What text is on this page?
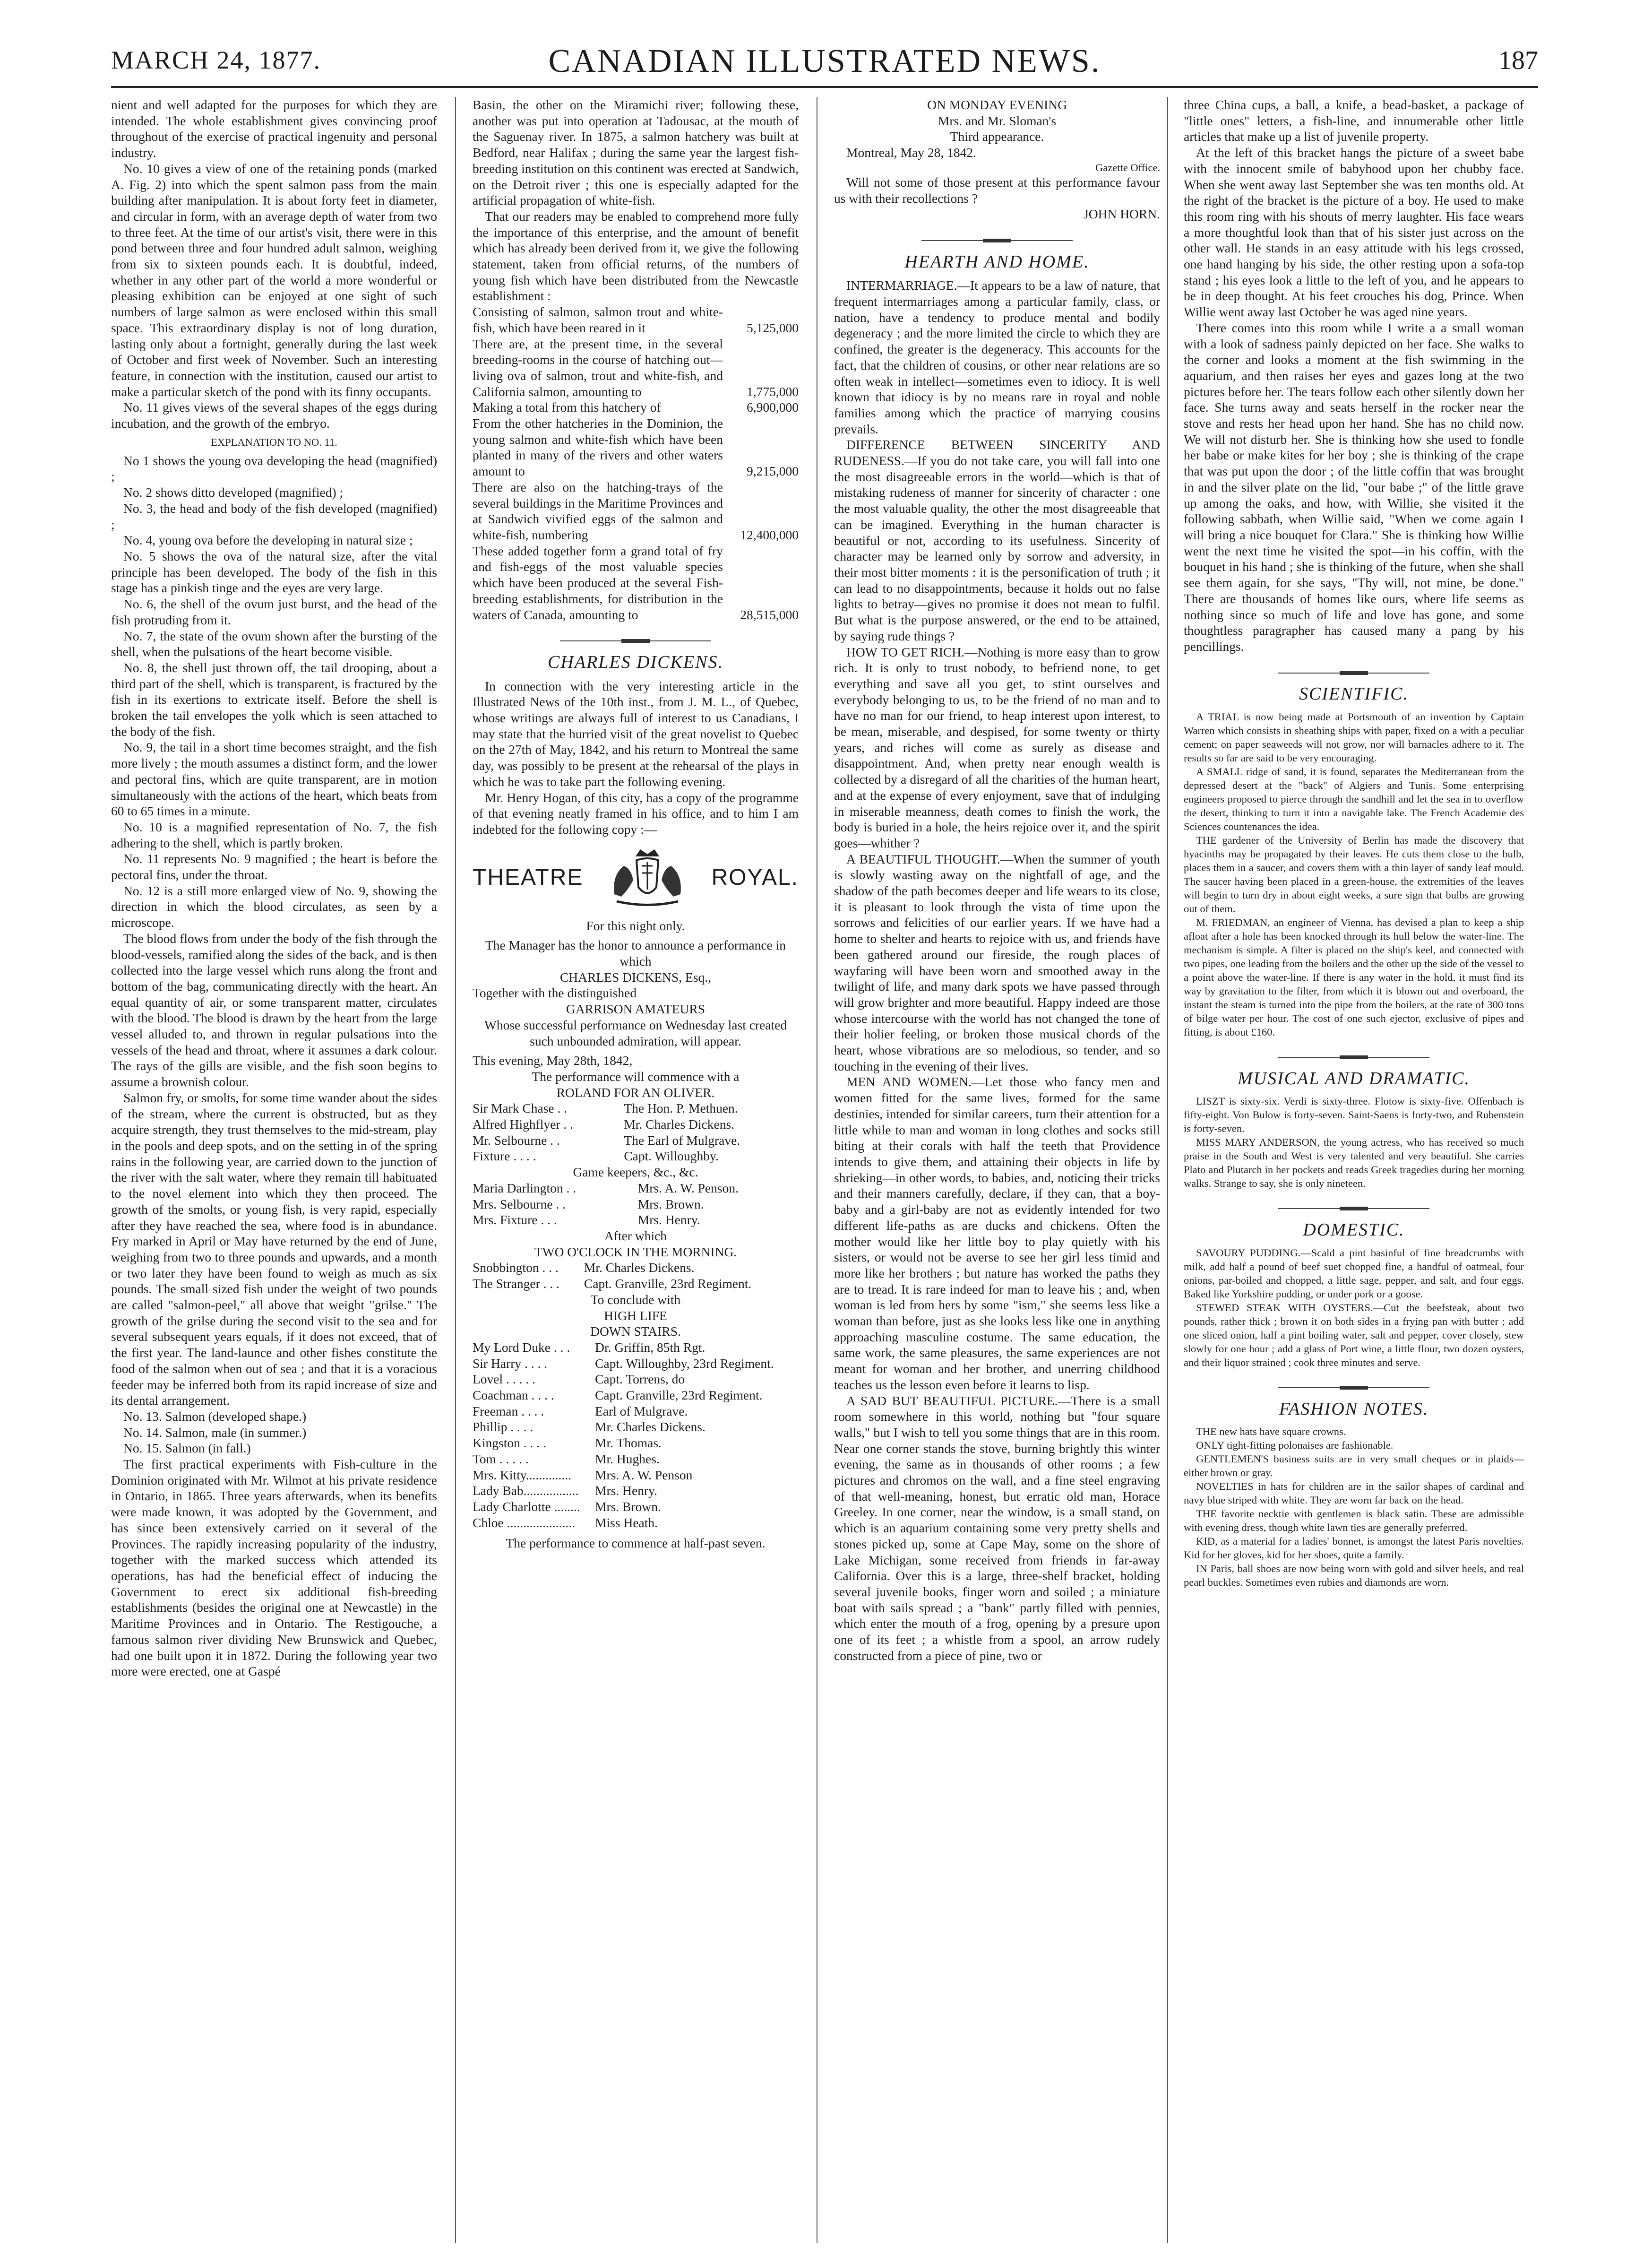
MARCH 24, 1877.	CANADIAN ILLUSTRATED NEWS.	187

nient and well adapted for the purposes for which they are intended. The whole establishment gives convincing proof throughout of the exercise of practical ingenuity and personal industry.

No. 10 gives a view of one of the retaining ponds (marked A. Fig. 2) into which the spent salmon pass from the main building after manipulation. It is about forty feet in diameter, and circular in form, with an average depth of water from two to three feet. At the time of our artist's visit, there were in this pond between three and four hundred adult salmon, weighing from six to sixteen pounds each. It is doubtful, indeed, whether in any other part of the world a more wonderful or pleasing exhibition can be enjoyed at one sight of such numbers of large salmon as were enclosed within this small space. This extraordinary display is not of long duration, lasting only about a fortnight, generally during the last week of October and first week of November. Such an interesting feature, in connection with the institution, caused our artist to make a particular sketch of the pond with its finny occupants.

No. 11 gives views of the several shapes of the eggs during incubation, and the growth of the embryo.

EXPLANATION TO NO. 11.

No 1 shows the young ova developing the head (magnified) ;

No. 2 shows ditto developed (magnified) ;

No. 3, the head and body of the fish developed (magnified) ;

No. 4, young ova before the developing in natural size ;

No. 5 shows the ova of the natural size, after the vital principle has been developed. The body of the fish in this stage has a pinkish tinge and the eyes are very large.

No. 6, the shell of the ovum just burst, and the head of the fish protruding from it.

No. 7, the state of the ovum shown after the bursting of the shell, when the pulsations of the heart become visible.

No. 8, the shell just thrown off, the tail drooping, about a third part of the shell, which is transparent, is fractured by the fish in its exertions to extricate itself. Before the shell is broken the tail envelopes the yolk which is seen attached to the body of the fish.

No. 9, the tail in a short time becomes straight, and the fish more lively ; the mouth assumes a distinct form, and the lower and pectoral fins, which are quite transparent, are in motion simultaneously with the actions of the heart, which beats from 60 to 65 times in a minute.

No. 10 is a magnified representation of No. 7, the fish adhering to the shell, which is partly broken.

No. 11 represents No. 9 magnified ; the heart is before the pectoral fins, under the throat.

No. 12 is a still more enlarged view of No. 9, showing the direction in which the blood circulates, as seen by a microscope.

The blood flows from under the body of the fish through the blood-vessels, ramified along the sides of the back, and is then collected into the large vessel which runs along the front and bottom of the bag, communicating directly with the heart. An equal quantity of air, or some transparent matter, circulates with the blood. The blood is drawn by the heart from the large vessel alluded to, and thrown in regular pulsations into the vessels of the head and throat, where it assumes a dark colour. The rays of the gills are visible, and the fish soon begins to assume a brownish colour.

Salmon fry, or smolts, for some time wander about the sides of the stream, where the current is obstructed, but as they acquire strength, they trust themselves to the mid-stream, play in the pools and deep spots, and on the setting in of the spring rains in the following year, are carried down to the junction of the river with the salt water, where they remain till habituated to the novel element into which they then proceed. The growth of the smolts, or young fish, is very rapid, especially after they have reached the sea, where food is in abundance. Fry marked in April or May have returned by the end of June, weighing from two to three pounds and upwards, and a month or two later they have been found to weigh as much as six pounds. The small sized fish under the weight of two pounds are called "salmon-peel," all above that weight "grilse." The growth of the grilse during the second visit to the sea and for several subsequent years equals, if it does not exceed, that of the first year. The land-launce and other fishes constitute the food of the salmon when out of sea ; and that it is a voracious feeder may be inferred both from its rapid increase of size and its dental arrangement.

No. 13. Salmon (developed shape.)

No. 14. Salmon, male (in summer.)

No. 15. Salmon (in fall.)

The first practical experiments with Fish-culture in the Dominion originated with Mr. Wilmot at his private residence in Ontario, in 1865. Three years afterwards, when its benefits were made known, it was adopted by the Government, and has since been extensively carried on it several of the Provinces. The rapidly increasing popularity of the industry, together with the marked success which attended its operations, has had the beneficial effect of inducing the Government to erect six additional fish-breeding establishments (besides the original one at Newcastle) in the Maritime Provinces and in Ontario. The Restigouche, a famous salmon river dividing New Brunswick and Quebec, had one built upon it in 1872. During the following year two more were erected, one at Gaspé

Basin, the other on the Miramichi river; following these, another was put into operation at Tadousac, at the mouth of the Saguenay river. In 1875, a salmon hatchery was built at Bedford, near Halifax ; during the same year the largest fish-breeding institution on this continent was erected at Sandwich, on the Detroit river ; this one is especially adapted for the artificial propagation of white-fish.

That our readers may be enabled to comprehend more fully the importance of this enterprise, and the amount of benefit which has already been derived from it, we give the following statement, taken from official returns, of the numbers of young fish which have been distributed from the Newcastle establishment :

Consisting of salmon, salmon trout and white-fish, which have been reared in it	5,125,000
There are, at the present time, in the several breeding-rooms in the course of hatching out— living ova of salmon, trout and white-fish, and California salmon, amounting to	1,775,000
Making a total from this hatchery of	6,900,000
From the other hatcheries in the Dominion, the young salmon and white-fish which have been planted in many of the rivers and other waters amount to	9,215,000
There are also on the hatching-trays of the several buildings in the Maritime Provinces and at Sandwich vivified eggs of the salmon and white-fish, numbering	12,400,000
These added together form a grand total of fry and fish-eggs of the most valuable species which have been produced at the several Fish-breeding establishments, for distribution in the waters of Canada, amounting to	28,515,000
CHARLES DICKENS.

In connection with the very interesting article in the Illustrated News of the 10th inst., from J. M. L., of Quebec, whose writings are always full of interest to us Canadians, I may state that the hurried visit of the great novelist to Quebec on the 27th of May, 1842, and his return to Montreal the same day, was possibly to be present at the rehearsal of the plays in which he was to take part the following evening.

Mr. Henry Hogan, of this city, has a copy of the programme of that evening neatly framed in his office, and to him I am indebted for the following copy :—

THEATRE	ROYAL.

For this night only.

The Manager has the honor to announce a performance in which

CHARLES DICKENS, Esq.,

Together with the distinguished

GARRISON AMATEURS

Whose successful performance on Wednesday last created such unbounded admiration, will appear.

This evening, May 28th, 1842,

The performance will commence with a

ROLAND FOR AN OLIVER.

Sir Mark Chase . .	The Hon. P. Methuen.
Alfred Highflyer . .	Mr. Charles Dickens.
Mr. Selbourne . .	The Earl of Mulgrave.
Fixture . . . .	Capt. Willoughby.

Game keepers, &c., &c.

Maria Darlington . .	Mrs. A. W. Penson.
Mrs. Selbourne . .	Mrs. Brown.
Mrs. Fixture . . .	Mrs. Henry.

After which

TWO O'CLOCK IN THE MORNING.

Snobbington . . .	Mr. Charles Dickens.
The Stranger . . .	Capt. Granville, 23rd Regiment.

To conclude with

HIGH LIFE

DOWN STAIRS.

My Lord Duke . . .	Dr. Griffin, 85th Rgt.
Sir Harry . . . .	Capt. Willoughby, 23rd Regiment.
Lovel . . . . .	Capt. Torrens, do
Coachman . . . .	Capt. Granville, 23rd Regiment.
Freeman . . . .	Earl of Mulgrave.
Phillip . . . .	Mr. Charles Dickens.
Kingston . . . .	Mr. Thomas.
Tom . . . . .	Mr. Hughes.
Mrs. Kitty..............	Mrs. A. W. Penson
Lady Bab.................	Mrs. Henry.
Lady Charlotte ........	Mrs. Brown.
Chloe .....................	Miss Heath.

The performance to commence at half-past seven.

ON MONDAY EVENING

Mrs. and Mr. Sloman's

Third appearance.

Montreal, May 28, 1842.

Gazette Office.

Will not some of those present at this performance favour us with their recollections ?

JOHN HORN.

HEARTH AND HOME.

INTERMARRIAGE.—It appears to be a law of nature, that frequent intermarriages among a particular family, class, or nation, have a tendency to produce mental and bodily degeneracy ; and the more limited the circle to which they are confined, the greater is the degeneracy. This accounts for the fact, that the children of cousins, or other near relations are so often weak in intellect—sometimes even to idiocy. It is well known that idiocy is by no means rare in royal and noble families among which the practice of marrying cousins prevails.

DIFFERENCE BETWEEN SINCERITY AND RUDENESS.—If you do not take care, you will fall into one the most disagreeable errors in the world—which is that of mistaking rudeness of manner for sincerity of character : one the most valuable quality, the other the most disagreeable that can be imagined. Everything in the human character is beautiful or not, according to its usefulness. Sincerity of character may be learned only by sorrow and adversity, in their most bitter moments : it is the personification of truth ; it can lead to no disappointments, because it holds out no false lights to betray—gives no promise it does not mean to fulfil. But what is the purpose answered, or the end to be attained, by saying rude things ?

HOW TO GET RICH.—Nothing is more easy than to grow rich. It is only to trust nobody, to befriend none, to get everything and save all you get, to stint ourselves and everybody belonging to us, to be the friend of no man and to have no man for our friend, to heap interest upon interest, to be mean, miserable, and despised, for some twenty or thirty years, and riches will come as surely as disease and disappointment. And, when pretty near enough wealth is collected by a disregard of all the charities of the human heart, and at the expense of every enjoyment, save that of indulging in miserable meanness, death comes to finish the work, the body is buried in a hole, the heirs rejoice over it, and the spirit goes—whither ?

A BEAUTIFUL THOUGHT.—When the summer of youth is slowly wasting away on the nightfall of age, and the shadow of the path becomes deeper and life wears to its close, it is pleasant to look through the vista of time upon the sorrows and felicities of our earlier years. If we have had a home to shelter and hearts to rejoice with us, and friends have been gathered around our fireside, the rough places of wayfaring will have been worn and smoothed away in the twilight of life, and many dark spots we have passed through will grow brighter and more beautiful. Happy indeed are those whose intercourse with the world has not changed the tone of their holier feeling, or broken those musical chords of the heart, whose vibrations are so melodious, so tender, and so touching in the evening of their lives.

MEN AND WOMEN.—Let those who fancy men and women fitted for the same lives, formed for the same destinies, intended for similar careers, turn their attention for a little while to man and woman in long clothes and socks still biting at their corals with half the teeth that Providence intends to give them, and attaining their objects in life by shrieking—in other words, to babies, and, noticing their tricks and their manners carefully, declare, if they can, that a boy-baby and a girl-baby are not as evidently intended for two different life-paths as are ducks and chickens. Often the mother would like her little boy to play quietly with his sisters, or would not be averse to see her girl less timid and more like her brothers ; but nature has worked the paths they are to tread. It is rare indeed for man to leave his ; and, when woman is led from hers by some "ism," she seems less like a woman than before, just as she looks less like one in anything approaching masculine costume. The same education, the same work, the same pleasures, the same experiences are not meant for woman and her brother, and unerring childhood teaches us the lesson even before it learns to lisp.

A SAD BUT BEAUTIFUL PICTURE.—There is a small room somewhere in this world, nothing but "four square walls," but I wish to tell you some things that are in this room. Near one corner stands the stove, burning brightly this winter evening, the same as in thousands of other rooms ; a few pictures and chromos on the wall, and a fine steel engraving of that well-meaning, honest, but erratic old man, Horace Greeley. In one corner, near the window, is a small stand, on which is an aquarium containing some very pretty shells and stones picked up, some at Cape May, some on the shore of Lake Michigan, some received from friends in far-away California. Over this is a large, three-shelf bracket, holding several juvenile books, finger worn and soiled ; a miniature boat with sails spread ; a "bank" partly filled with pennies, which enter the mouth of a frog, opening by a presure upon one of its feet ; a whistle from a spool, an arrow rudely constructed from a piece of pine, two or

three China cups, a ball, a knife, a bead-basket, a package of "little ones" letters, a fish-line, and innumerable other little articles that make up a list of juvenile property.

At the left of this bracket hangs the picture of a sweet babe with the innocent smile of babyhood upon her chubby face. When she went away last September she was ten months old. At the right of the bracket is the picture of a boy. He used to make this room ring with his shouts of merry laughter. His face wears a more thoughtful look than that of his sister just across on the other wall. He stands in an easy attitude with his legs crossed, one hand hanging by his side, the other resting upon a sofa-top stand ; his eyes look a little to the left of you, and he appears to be in deep thought. At his feet crouches his dog, Prince. When Willie went away last October he was aged nine years.

There comes into this room while I write a a small woman with a look of sadness painly depicted on her face. She walks to the corner and looks a moment at the fish swimming in the aquarium, and then raises her eyes and gazes long at the two pictures before her. The tears follow each other silently down her face. She turns away and seats herself in the rocker near the stove and rests her head upon her hand. She has no child now. We will not disturb her. She is thinking how she used to fondle her babe or make kites for her boy ; she is thinking of the crape that was put upon the door ; of the little coffin that was brought in and the silver plate on the lid, "our babe ;" of the little grave up among the oaks, and how, with Willie, she visited it the following sabbath, when Willie said, "When we come again I will bring a nice bouquet for Clara." She is thinking how Willie went the next time he visited the spot—in his coffin, with the bouquet in his hand ; she is thinking of the future, when she shall see them again, for she says, "Thy will, not mine, be done." There are thousands of homes like ours, where life seems as nothing since so much of life and love has gone, and some thoughtless paragrapher has caused many a pang by his pencillings.

SCIENTIFIC.

A TRIAL is now being made at Portsmouth of an invention by Captain Warren which consists in sheathing ships with paper, fixed on a with a peculiar cement; on paper seaweeds will not grow, nor will barnacles adhere to it. The results so far are said to be very encouraging.

A SMALL ridge of sand, it is found, separates the Mediterranean from the depressed desert at the "back" of Algiers and Tunis. Some enterprising engineers proposed to pierce through the sandhill and let the sea in to overflow the desert, thinking to turn it into a navigable lake. The French Academie des Sciences countenances the idea.

THE gardener of the University of Berlin has made the discovery that hyacinths may be propagated by their leaves. He cuts them close to the bulb, places them in a saucer, and covers them with a thin layer of sandy leaf mould. The saucer having been placed in a green-house, the extremities of the leaves will begin to turn dry in about eight weeks, a sure sign that bulbs are growing out of them.

M. FRIEDMAN, an engineer of Vienna, has devised a plan to keep a ship afloat after a hole has been knocked through its hull below the water-line. The mechanism is simple. A filter is placed on the ship's keel, and connected with two pipes, one leading from the boilers and the other up the side of the vessel to a point above the water-line. If there is any water in the hold, it must find its way by gravitation to the filter, from which it is blown out and overboard, the instant the steam is turned into the pipe from the boilers, at the rate of 300 tons of bilge water per hour. The cost of one such ejector, exclusive of pipes and fitting, is about £160.

MUSICAL AND DRAMATIC.

LISZT is sixty-six. Verdi is sixty-three. Flotow is sixty-five. Offenbach is fifty-eight. Von Bulow is forty-seven. Saint-Saens is forty-two, and Rubenstein is forty-seven.

MISS MARY ANDERSON, the young actress, who has received so much praise in the South and West is very talented and very beautiful. She carries Plato and Plutarch in her pockets and reads Greek tragedies during her morning walks. Strange to say, she is only nineteen.

DOMESTIC.

SAVOURY PUDDING.—Scald a pint basinful of fine breadcrumbs with milk, add half a pound of beef suet chopped fine, a handful of oatmeal, four onions, par-boiled and chopped, a little sage, pepper, and salt, and four eggs. Baked like Yorkshire pudding, or under pork or a goose.

STEWED STEAK WITH OYSTERS.—Cut the beefsteak, about two pounds, rather thick ; brown it on both sides in a frying pan with butter ; add one sliced onion, half a pint boiling water, salt and pepper, cover closely, stew slowly for one hour ; add a glass of Port wine, a little flour, two dozen oysters, and their liquor strained ; cook three minutes and serve.

FASHION NOTES.

THE new hats have square crowns.

ONLY tight-fitting polonaises are fashionable.

GENTLEMEN'S business suits are in very small cheques or in plaids—either brown or gray.

NOVELTIES in hats for children are in the sailor shapes of cardinal and navy blue striped with white. They are worn far back on the head.

THE favorite necktie with gentlemen is black satin. These are admissible with evening dress, though white lawn ties are generally preferred.

KID, as a material for a ladies' bonnet, is amongst the latest Paris novelties. Kid for her gloves, kid for her shoes, quite a family.

IN Paris, ball shoes are now being worn with gold and silver heels, and real pearl buckles. Sometimes even rubies and diamonds are worn.
